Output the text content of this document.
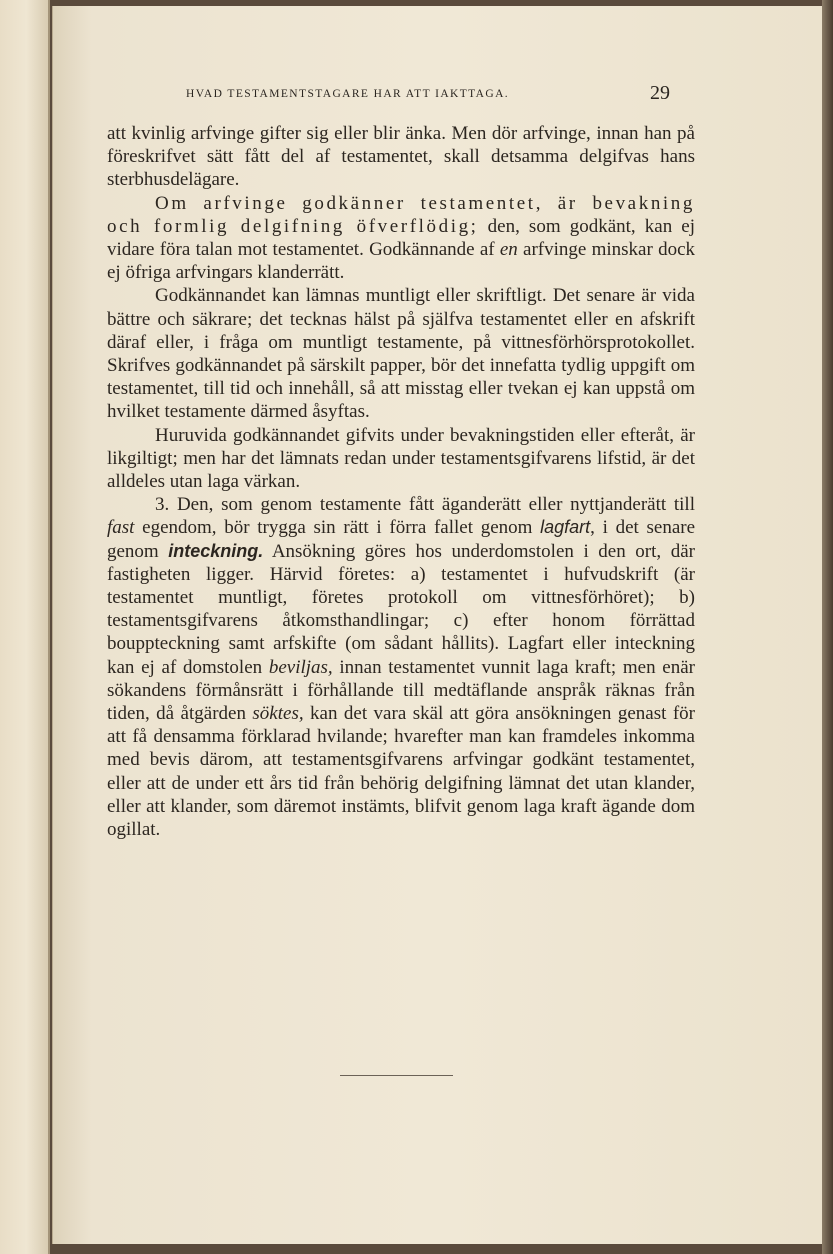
HVAD TESTAMENTSTAGARE HAR ATT IAKTTAGA.	29

att kvinlig arfvinge gifter sig eller blir änka. Men dör arfvinge, innan han på föreskrifvet sätt fått del af testamentet, skall detsamma delgifvas hans sterbhusdelägare.

Om arfvinge godkänner testamentet, är bevakning och formlig delgifning öfverflödig; den, som godkänt, kan ej vidare föra talan mot testamentet. Godkännande af en arfvinge minskar dock ej öfriga arfvingars klanderrätt.

Godkännandet kan lämnas muntligt eller skriftligt. Det senare är vida bättre och säkrare; det tecknas hälst på själfva testamentet eller en afskrift däraf eller, i fråga om muntligt testamente, på vittnesförhörsprotokollet. Skrifves godkännandet på särskilt papper, bör det innefatta tydlig uppgift om testamentet, till tid och innehåll, så att misstag eller tvekan ej kan uppstå om hvilket testamente därmed åsyftas.

Huruvida godkännandet gifvits under bevakningstiden eller efteråt, är likgiltigt; men har det lämnats redan under testamentsgifvarens lifstid, är det alldeles utan laga värkan.

3. Den, som genom testamente fått äganderätt eller nyttjanderätt till fast egendom, bör trygga sin rätt i förra fallet genom lagfart, i det senare genom inteckning. Ansökning göres hos underdomstolen i den ort, där fastigheten ligger. Härvid företes: a) testamentet i hufvudskrift (är testamentet muntligt, företes protokoll om vittnesförhöret); b) testamentsgifvarens åtkomsthandlingar; c) efter honom förrättad bouppteckning samt arfskifte (om sådant hållits). Lagfart eller inteckning kan ej af domstolen beviljas, innan testamentet vunnit laga kraft; men enär sökandens förmånsrätt i förhållande till medtäflande anspråk räknas från tiden, då åtgärden söktes, kan det vara skäl att göra ansökningen genast för att få densamma förklarad hvilande; hvarefter man kan framdeles inkomma med bevis därom, att testamentsgifvarens arfvingar godkänt testamentet, eller att de under ett års tid från behörig delgifning lämnat det utan klander, eller att klander, som däremot instämts, blifvit genom laga kraft ägande dom ogillat.
